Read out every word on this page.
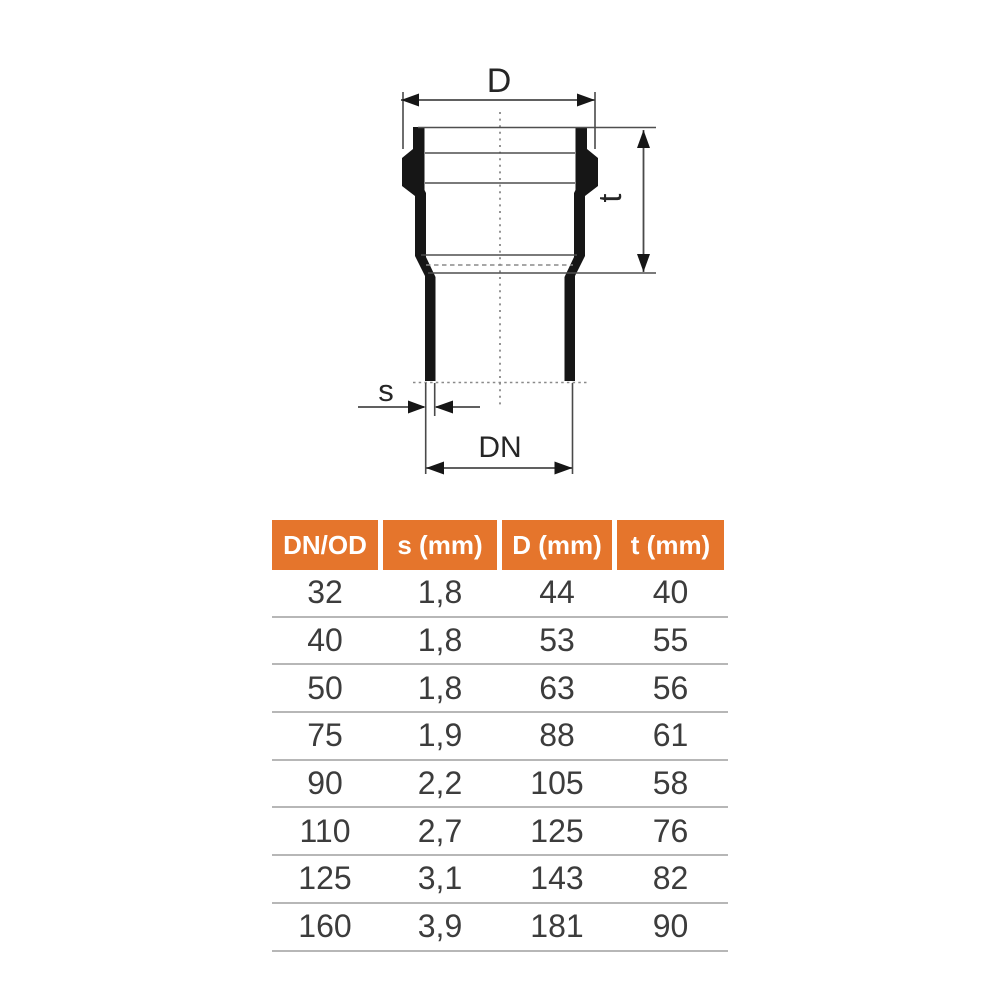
D
t
s
DN
DN/OD	s (mm)	D (mm)	t (mm)
32	1,8	44	40
40	1,8	53	55
50	1,8	63	56
75	1,9	88	61
90	2,2	105	58
110	2,7	125	76
125	3,1	143	82
160	3,9	181	90
